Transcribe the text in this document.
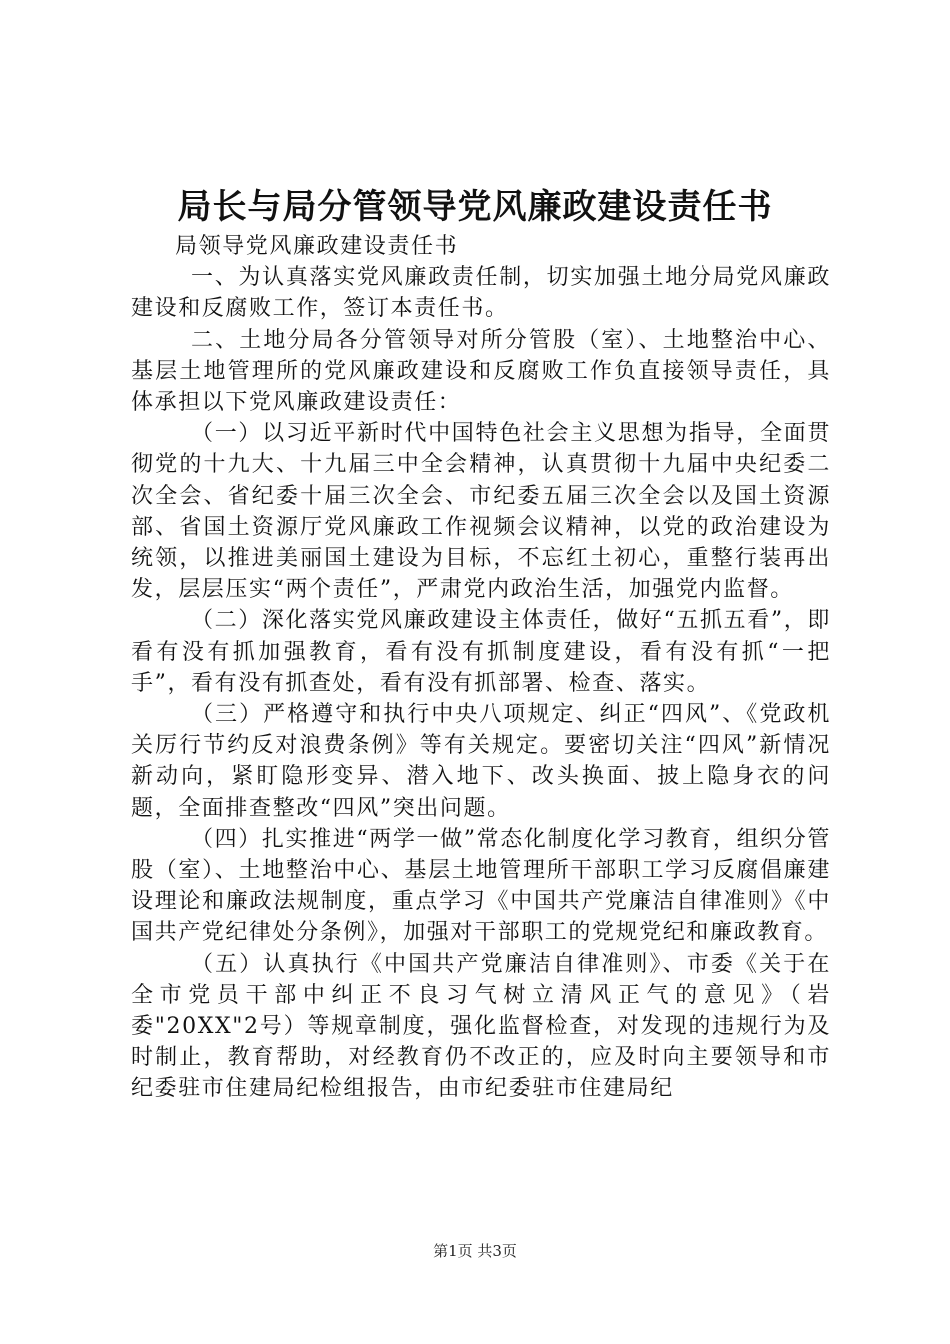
局长与局分管领导党风廉政建设责任书

局领导党风廉政建设责任书

一、为认真落实党风廉政责任制，切实加强土地分局党风廉政建设和反腐败工作，签订本责任书。

二、土地分局各分管领导对所分管股（室）、土地整治中心、基层土地管理所的党风廉政建设和反腐败工作负直接领导责任，具体承担以下党风廉政建设责任：

（一）以习近平新时代中国特色社会主义思想为指导，全面贯彻党的十九大、十九届三中全会精神，认真贯彻十九届中央纪委二次全会、省纪委十届三次全会、市纪委五届三次全会以及国土资源部、省国土资源厅党风廉政工作视频会议精神，以党的政治建设为统领，以推进美丽国土建设为目标，不忘红土初心，重整行装再出发，层层压实“两个责任”，严肃党内政治生活，加强党内监督。

（二）深化落实党风廉政建设主体责任，做好“五抓五看”，即看有没有抓加强教育，看有没有抓制度建设，看有没有抓“一把手”，看有没有抓查处，看有没有抓部署、检查、落实。

（三）严格遵守和执行中央八项规定、纠正“四风”、《党政机关厉行节约反对浪费条例》等有关规定。要密切关注“四风”新情况新动向，紧盯隐形变异、潜入地下、改头换面、披上隐身衣的问题，全面排查整改“四风”突出问题。

（四）扎实推进“两学一做”常态化制度化学习教育，组织分管股（室）、土地整治中心、基层土地管理所干部职工学习反腐倡廉建设理论和廉政法规制度，重点学习《中国共产党廉洁自律准则》《中国共产党纪律处分条例》，加强对干部职工的党规党纪和廉政教育。

（五）认真执行《中国共产党廉洁自律准则》、市委《关于在全市党员干部中纠正不良习气树立清风正气的意见》（岩委"20XX"2号）等规章制度，强化监督检查，对发现的违规行为及时制止，教育帮助，对经教育仍不改正的，应及时向主要领导和市纪委驻市住建局纪检组报告，由市纪委驻市住建局纪

第1页 共3页
